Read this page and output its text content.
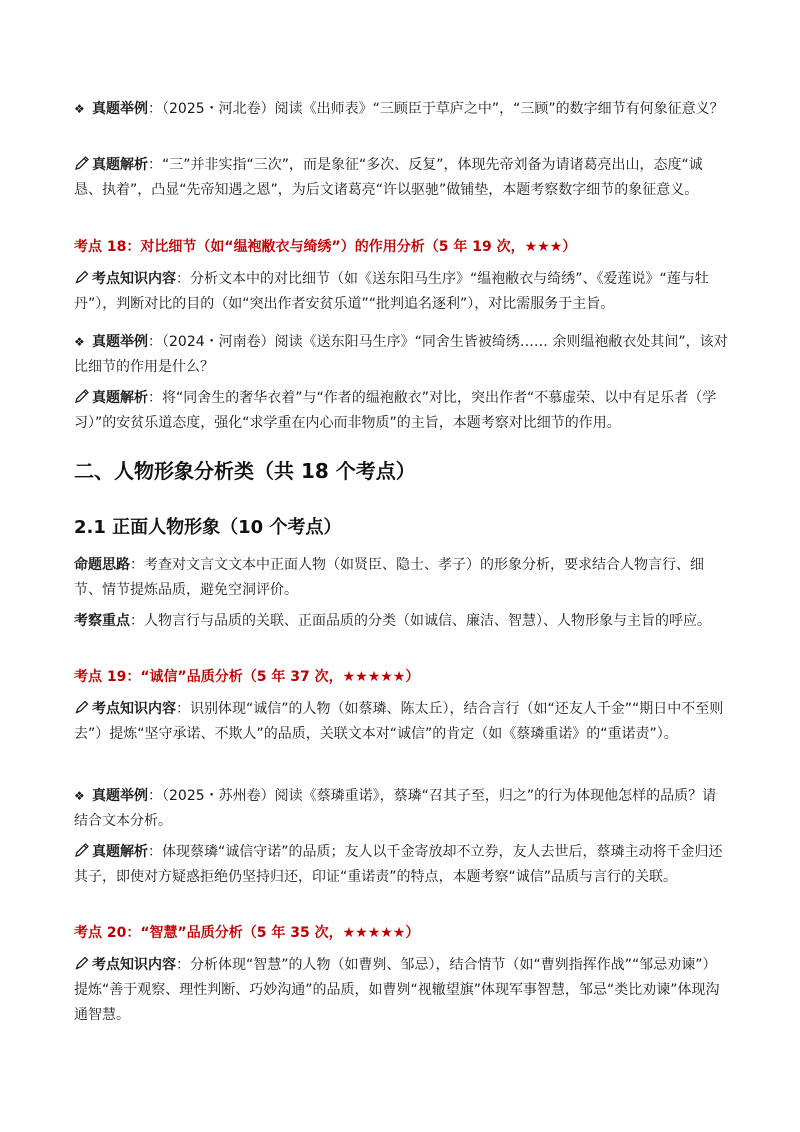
❖ 真题举例：（2025・河北卷）阅读《出师表》“三顾臣于草庐之中”，“三顾”的数字细节有何象征意义？

真题解析：“三”并非实指“三次”，而是象征“多次、反复”，体现先帝刘备为请诸葛亮出山，态度“诚恳、执着”，凸显“先帝知遇之恩”，为后文诸葛亮“许以驱驰”做铺垫，本题考察数字细节的象征意义。

考点 18：对比细节（如“缊袍敝衣与绮绣”）的作用分析（5 年 19 次，★★★）

考点知识内容：分析文本中的对比细节（如《送东阳马生序》“缊袍敝衣与绮绣”、《爱莲说》“莲与牡丹”），判断对比的目的（如“突出作者安贫乐道”“批判追名逐利”），对比需服务于主旨。

❖ 真题举例：（2024・河南卷）阅读《送东阳马生序》“同舍生皆被绮绣…… 余则缊袍敝衣处其间”，该对比细节的作用是什么？

真题解析：将“同舍生的奢华衣着”与“作者的缊袍敝衣”对比，突出作者“不慕虚荣、以中有足乐者（学习）”的安贫乐道态度，强化“求学重在内心而非物质”的主旨，本题考察对比细节的作用。

二、人物形象分析类（共 18 个考点）
2.1 正面人物形象（10 个考点）

命题思路：考查对文言文文本中正面人物（如贤臣、隐士、孝子）的形象分析，要求结合人物言行、细节、情节提炼品质，避免空洞评价。

考察重点：人物言行与品质的关联、正面品质的分类（如诚信、廉洁、智慧）、人物形象与主旨的呼应。

考点 19：“诚信”品质分析（5 年 37 次，★★★★★）

考点知识内容：识别体现“诚信”的人物（如蔡璘、陈太丘），结合言行（如“还友人千金”“期日中不至则去”）提炼“坚守承诺、不欺人”的品质，关联文本对“诚信”的肯定（如《蔡璘重诺》的“重诺责”）。

❖ 真题举例：（2025・苏州卷）阅读《蔡璘重诺》，蔡璘“召其子至，归之”的行为体现他怎样的品质？请结合文本分析。

真题解析：体现蔡璘“诚信守诺”的品质；友人以千金寄放却不立券，友人去世后，蔡璘主动将千金归还其子，即使对方疑惑拒绝仍坚持归还，印证“重诺责”的特点，本题考察“诚信”品质与言行的关联。

考点 20：“智慧”品质分析（5 年 35 次，★★★★★）

考点知识内容：分析体现“智慧”的人物（如曹刿、邹忌），结合情节（如“曹刿指挥作战”“邹忌劝谏”）提炼“善于观察、理性判断、巧妙沟通”的品质，如曹刿“视辙望旗”体现军事智慧，邹忌“类比劝谏”体现沟通智慧。
